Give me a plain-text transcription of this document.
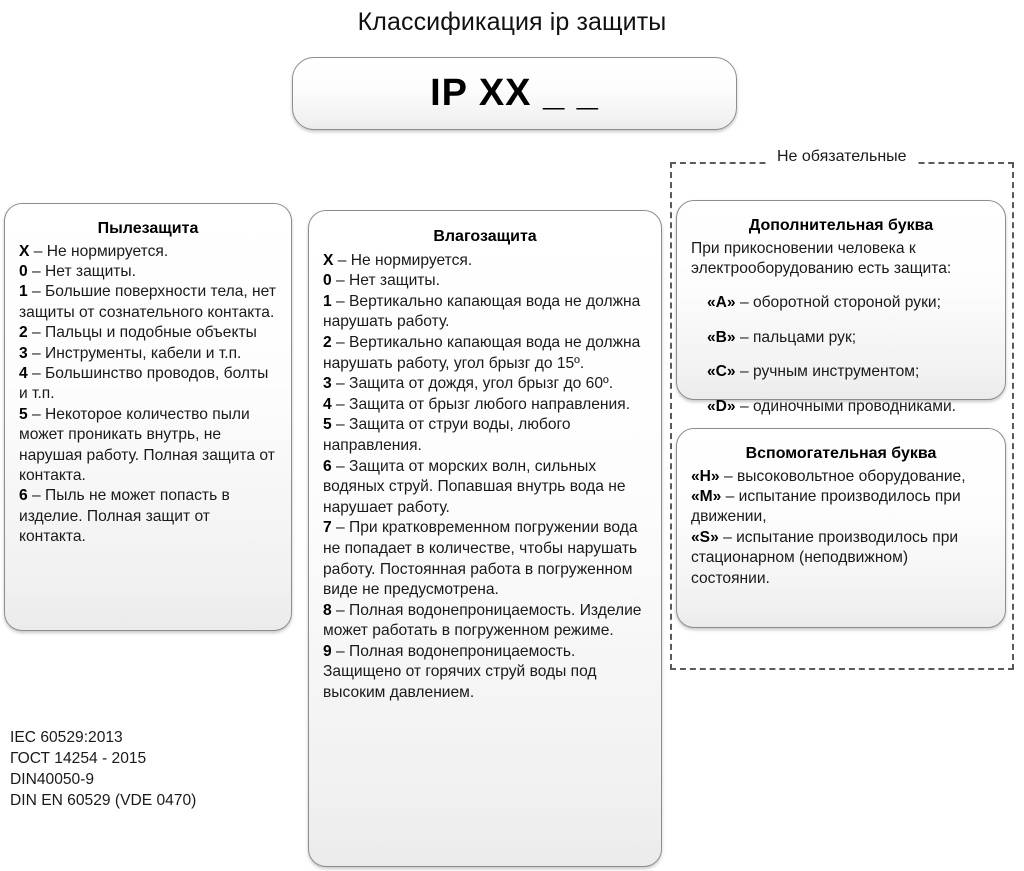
Классификация ip защиты
IP XX _ _
Не обязательные
Пылезащита

X – Не нормируется.

0 – Нет защиты.

1 – Большие поверхности тела, нет защиты от сознательного контакта.

2 – Пальцы и подобные объекты

3 – Инструменты, кабели и т.п.

4 – Большинство проводов, болты и т.п.

5 – Некоторое количество пыли может проникать внутрь, не нарушая работу. Полная защита от контакта.

6 – Пыль не может попасть в изделие. Полная защит от контакта.

Влагозащита

X – Не нормируется.

0 – Нет защиты.

1 – Вертикально капающая вода не должна нарушать работу.

2 – Вертикально капающая вода не должна нарушать работу, угол брызг до 15º.

3 – Защита от дождя, угол брызг до 60º.

4 – Защита от брызг любого направления.

5 – Защита от струи воды, любого направления.

6 – Защита от морских волн, сильных водяных струй. Попавшая внутрь вода не нарушает работу.

7 – При кратковременном погружении вода не попадает в количестве, чтобы нарушать работу. Постоянная работа в погруженном виде не предусмотрена.

8 – Полная водонепроницаемость. Изделие может работать в погруженном режиме.

9 – Полная водонепроницаемость. Защищено от горячих струй воды под высоким давлением.

Дополнительная буква

При прикосновении человека к электрооборудованию есть защита:

«A» – оборотной стороной руки;

«B» – пальцами рук;

«C» – ручным инструментом;

«D» – одиночными проводниками.

Вспомогательная буква

«H» – высоковольтное оборудование,

«M» – испытание производилось при движении,

«S» – испытание производилось при стационарном (неподвижном) состоянии.

IEC 60529:2013
ГОСТ 14254 - 2015
DIN40050-9
DIN EN 60529 (VDE 0470)
